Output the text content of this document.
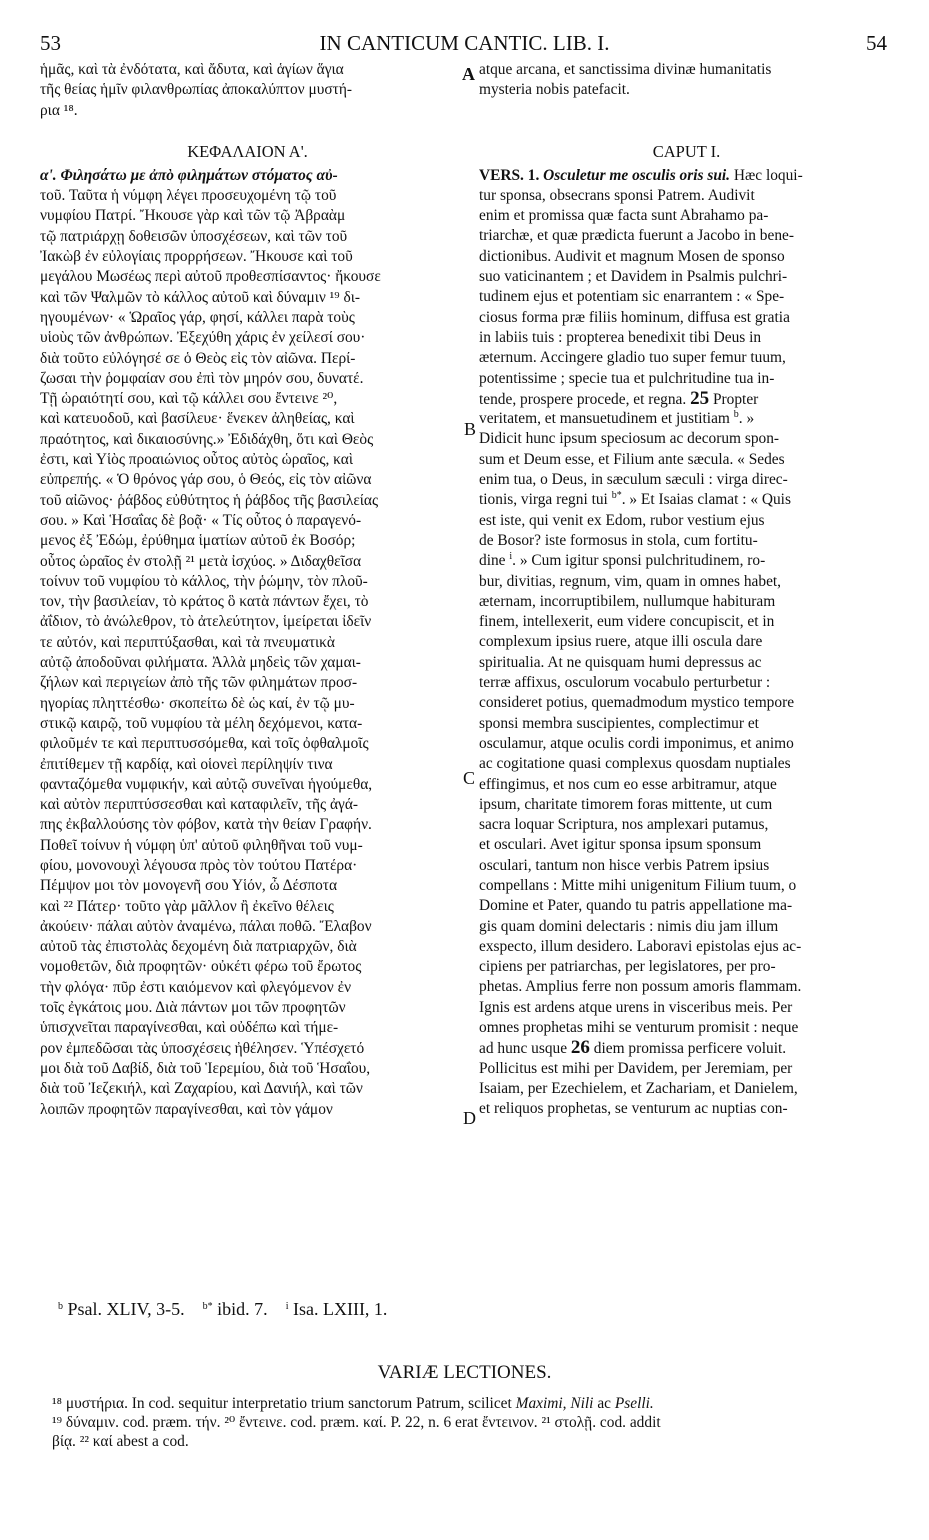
53	IN CANTICUM CANTIC. LIB. I.	54
A
B
C
D
ἡμᾶς, καὶ τὰ ἐνδότατα, καὶ ἄδυτα, καὶ ἁγίων ἅγια
τῆς θείας ἡμῖν φιλανθρωπίας ἀποκαλύπτον μυστή-
ρια ¹⁸.
ΚΕΦΑΛΑΙΟΝ Α'.
α'. Φιλησάτω με ἀπὸ φιλημάτων στόματος αὐ-
τοῦ. Ταῦτα ἡ νύμφη λέγει προσευχομένη τῷ τοῦ
νυμφίου Πατρί. Ἤκουσε γὰρ καὶ τῶν τῷ Ἀβραὰμ
τῷ πατριάρχῃ δοθεισῶν ὑποσχέσεων, καὶ τῶν τοῦ
Ἰακὼβ ἐν εὐλογίαις προρρήσεων. Ἤκουσε καὶ τοῦ
μεγάλου Μωσέως περὶ αὐτοῦ προθεσπίσαντος· ἤκουσε
καὶ τῶν Ψαλμῶν τὸ κάλλος αὐτοῦ καὶ δύναμιν ¹⁹ δι-
ηγουμένων· « Ὡραῖος γάρ, φησί, κάλλει παρὰ τοὺς
υἱοὺς τῶν ἀνθρώπων. Ἐξεχύθη χάρις ἐν χείλεσί σου·
διὰ τοῦτο εὐλόγησέ σε ὁ Θεὸς εἰς τὸν αἰῶνα. Περί-
ζωσαι τὴν ῥομφαίαν σου ἐπὶ τὸν μηρόν σου, δυνατέ.
Τῇ ὡραιότητί σου, καὶ τῷ κάλλει σου ἔντεινε ²⁰,
καὶ κατευοδοῦ, καὶ βασίλευε· ἕνεκεν ἀληθείας, καὶ
πραότητος, καὶ δικαιοσύνης.» Ἐδιδάχθη, ὅτι καὶ Θεὸς
ἐστι, καὶ Υἱὸς προαιώνιος οὗτος αὐτὸς ὡραῖος, καὶ
εὐπρεπής. « Ὁ θρόνος γάρ σου, ὁ Θεός, εἰς τὸν αἰῶνα
τοῦ αἰῶνος· ῥάβδος εὐθύτητος ἡ ῥάβδος τῆς βασιλείας
σου. » Καὶ Ἡσαΐας δὲ βοᾷ· « Τίς οὗτος ὁ παραγενό-
μενος ἐξ Ἐδώμ, ἐρύθημα ἱματίων αὐτοῦ ἐκ Βοσόρ;
οὗτος ὡραῖος ἐν στολῇ ²¹ μετὰ ἰσχύος. » Διδαχθεῖσα
τοίνυν τοῦ νυμφίου τὸ κάλλος, τὴν ῥώμην, τὸν πλοῦ-
τον, τὴν βασιλείαν, τὸ κράτος ὃ κατὰ πάντων ἔχει, τὸ
ἀΐδιον, τὸ ἀνώλεθρον, τὸ ἀτελεύτητον, ἱμείρεται ἰδεῖν
τε αὐτόν, καὶ περιπτύξασθαι, καὶ τὰ πνευματικὰ
αὐτῷ ἀποδοῦναι φιλήματα. Ἀλλὰ μηδεὶς τῶν χαμαι-
ζήλων καὶ περιγείων ἀπὸ τῆς τῶν φιλημάτων προσ-
ηγορίας πληττέσθω· σκοπείτω δὲ ὡς καί, ἐν τῷ μυ-
στικῷ καιρῷ, τοῦ νυμφίου τὰ μέλη δεχόμενοι, κατα-
φιλοῦμέν τε καὶ περιπτυσσόμεθα, καὶ τοῖς ὀφθαλμοῖς
ἐπιτίθεμεν τῇ καρδίᾳ, καὶ οἱονεὶ περίληψίν τινα
φανταζόμεθα νυμφικήν, καὶ αὐτῷ συνεῖναι ἡγούμεθα,
καὶ αὐτὸν περιπτύσσεσθαι καὶ καταφιλεῖν, τῆς ἀγά-
πης ἐκβαλλούσης τὸν φόβον, κατὰ τὴν θείαν Γραφήν.
Ποθεῖ τοίνυν ἡ νύμφη ὑπ' αὐτοῦ φιληθῆναι τοῦ νυμ-
φίου, μονονουχὶ λέγουσα πρὸς τὸν τούτου Πατέρα·
Πέμψον μοι τὸν μονογενῆ σου Υἱόν, ὦ Δέσποτα
καὶ ²² Πάτερ· τοῦτο γὰρ μᾶλλον ἢ ἐκεῖνο θέλεις
ἀκούειν· πάλαι αὐτὸν ἀναμένω, πάλαι ποθῶ. Ἔλαβον
αὐτοῦ τὰς ἐπιστολὰς δεχομένη διὰ πατριαρχῶν, διὰ
νομοθετῶν, διὰ προφητῶν· οὐκέτι φέρω τοῦ ἔρωτος
τὴν φλόγα· πῦρ ἐστι καιόμενον καὶ φλεγόμενον ἐν
τοῖς ἐγκάτοις μου. Διὰ πάντων μοι τῶν προφητῶν
ὑπισχνεῖται παραγίνεσθαι, καὶ οὐδέπω καὶ τήμε-
ρον ἐμπεδῶσαι τὰς ὑποσχέσεις ἠθέλησεν. Ὑπέσχετό
μοι διὰ τοῦ Δαβίδ, διὰ τοῦ Ἱερεμίου, διὰ τοῦ Ἡσαΐου,
διὰ τοῦ Ἰεζεκιήλ, καὶ Ζαχαρίου, καὶ Δανιήλ, καὶ τῶν
λοιπῶν προφητῶν παραγίνεσθαι, καὶ τὸν γάμον
atque arcana, et sanctissima divinæ humanitatis
mysteria nobis patefacit.
CAPUT I.
VERS. 1. Osculetur me osculis oris sui. Hæc loqui-
tur sponsa, obsecrans sponsi Patrem. Audivit
enim et promissa quæ facta sunt Abrahamo pa-
triarchæ, et quæ prædicta fuerunt a Jacobo in bene-
dictionibus. Audivit et magnum Mosen de sponso
suo vaticinantem ; et Davidem in Psalmis pulchri-
tudinem ejus et potentiam sic enarrantem : « Spe-
ciosus forma præ filiis hominum, diffusa est gratia
in labiis tuis : propterea benedixit tibi Deus in
æternum. Accingere gladio tuo super femur tuum,
potentissime ; specie tua et pulchritudine tua in-
tende, prospere procede, et regna. 25 Propter
veritatem, et mansuetudinem et justitiam $^b$. »
Didicit hunc ipsum speciosum ac decorum spon-
sum et Deum esse, et Filium ante sæcula. « Sedes
enim tua, o Deus, in sæculum sæculi : virga direc-
tionis, virga regni tui $^{b*}$. » Et Isaias clamat : « Quis
est iste, qui venit ex Edom, rubor vestium ejus
de Bosor? iste formosus in stola, cum fortitu-
dine $^i$. » Cum igitur sponsi pulchritudinem, ro-
bur, divitias, regnum, vim, quam in omnes habet,
æternam, incorruptibilem, nullumque habituram
finem, intellexerit, eum videre concupiscit, et in
complexum ipsius ruere, atque illi oscula dare
spiritualia. At ne quisquam humi depressus ac
terræ affixus, osculorum vocabulo perturbetur :
consideret potius, quemadmodum mystico tempore
sponsi membra suscipientes, complectimur et
osculamur, atque oculis cordi imponimus, et animo
ac cogitatione quasi complexus quosdam nuptiales
effingimus, et nos cum eo esse arbitramur, atque
ipsum, charitate timorem foras mittente, ut cum
sacra loquar Scriptura, nos amplexari putamus,
et osculari. Avet igitur sponsa ipsum sponsum
osculari, tantum non hisce verbis Patrem ipsius
compellans : Mitte mihi unigenitum Filium tuum, o
Domine et Pater, quando tu patris appellatione ma-
gis quam domini delectaris : nimis diu jam illum
exspecto, illum desidero. Laboravi epistolas ejus ac-
cipiens per patriarchas, per legislatores, per pro-
phetas. Amplius ferre non possum amoris flammam.
Ignis est ardens atque urens in visceribus meis. Per
omnes prophetas mihi se venturum promisit : neque
ad hunc usque 26 diem promissa perficere voluit.
Pollicitus est mihi per Davidem, per Jeremiam, per
Isaiam, per Ezechielem, et Zachariam, et Danielem,
et reliquos prophetas, se venturum ac nuptias con-
$^b$ Psal. XLIV, 3-5. $^{b*}$ ibid. 7. $^i$ Isa. LXIII, 1.
VARIÆ LECTIONES.
¹⁸ μυστήρια. In cod. sequitur interpretatio trium sanctorum Patrum, scilicet Maximi, Nili ac Pselli.
¹⁹ δύναμιν. cod. præm. τήν. ²⁰ ἔντεινε. cod. præm. καί. P. 22, n. 6 erat ἔντεινον. ²¹ στολῇ. cod. addit
βίᾳ. ²² καί abest a cod.
